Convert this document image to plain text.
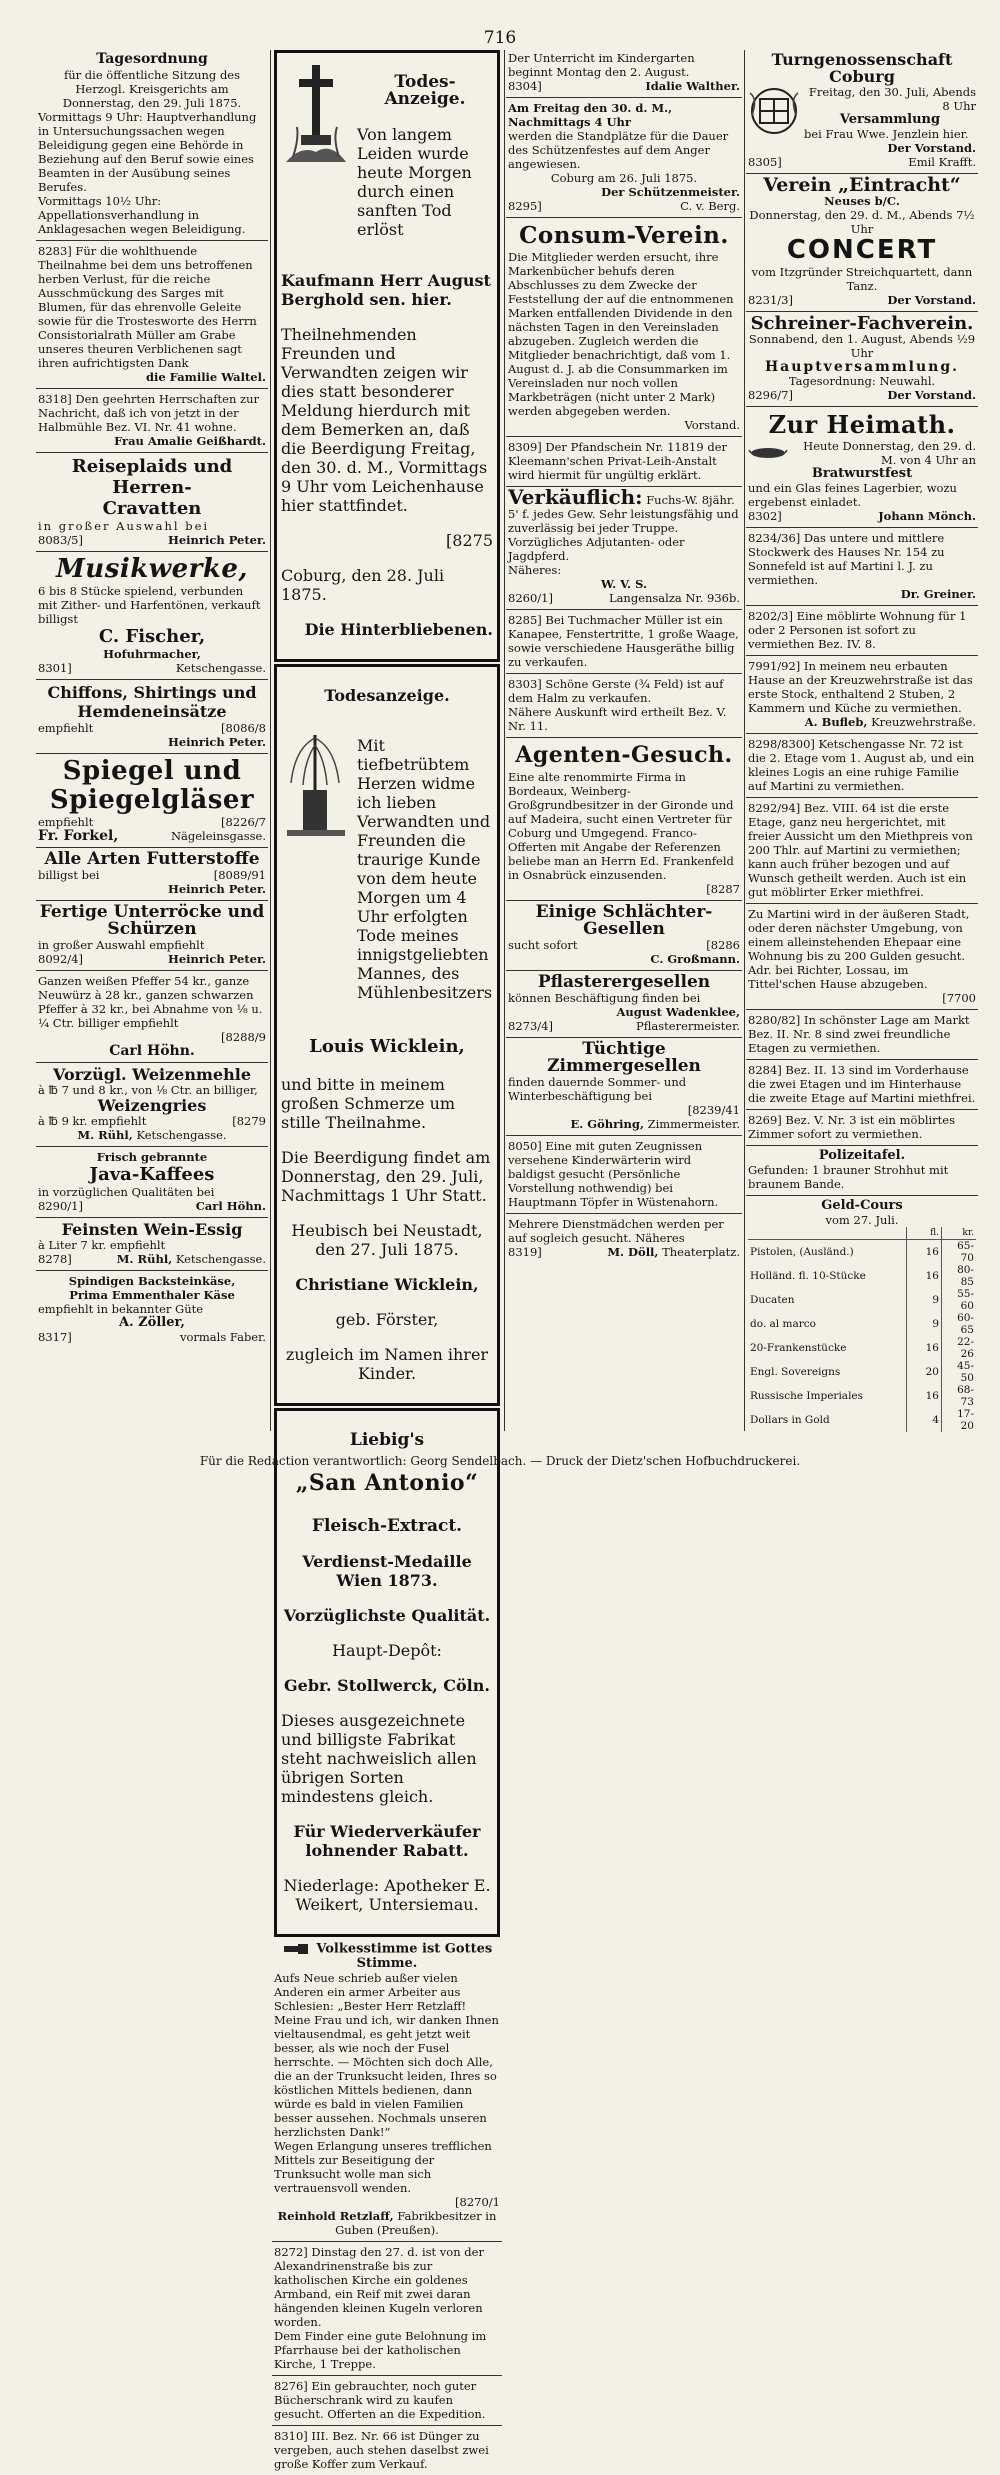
716

Tagesordnung

für die öffentliche Sitzung des Herzogl. Kreisgerichts am Donnerstag, den 29. Juli 1875.

Vormittags 9 Uhr: Hauptverhandlung in Untersuchungssachen wegen Beleidigung gegen eine Behörde in Beziehung auf den Beruf sowie eines Beamten in der Ausübung seines Berufes.

Vormittags 10½ Uhr: Appellationsverhandlung in Anklagesachen wegen Beleidigung.

8283] Für die wohlthuende Theilnahme bei dem uns betroffenen herben Verlust, für die reiche Ausschmückung des Sarges mit Blumen, für das ehrenvolle Geleite sowie für die Trostesworte des Herrn Consistorialrath Müller am Grabe unseres theuren Verblichenen sagt ihren aufrichtigsten Dank

die Familie Waltel.

8318] Den geehrten Herrschaften zur Nachricht, daß ich von jetzt in der Halbmühle Bez. VI. Nr. 41 wohne.

Frau Amalie Geißhardt.

Reiseplaids und Herren-

Cravatten

in großer Auswahl bei

8083/5]	Heinrich Peter.

Musikwerke,

6 bis 8 Stücke spielend, verbunden mit Zither- und Harfentönen, verkauft billigst

C. Fischer,

Hofuhrmacher,

8301]	Ketschengasse.

Chiffons, Shirtings und

Hemdeneinsätze

empfiehlt	[8086/8

Heinrich Peter.

Spiegel und

Spiegelgläser

empfiehlt	[8226/7

Fr. Forkel,	Nägeleinsgasse.

Alle Arten Futterstoffe

billigst bei	[8089/91

Heinrich Peter.

Fertige Unterröcke und

Schürzen

in großer Auswahl empfiehlt

8092/4]	Heinrich Peter.

Ganzen weißen Pfeffer 54 kr., ganze Neuwürz à 28 kr., ganzen schwarzen Pfeffer à 32 kr., bei Abnahme von ⅛ u. ¼ Ctr. billiger empfiehlt

[8288/9

Carl Höhn.

Vorzügl. Weizenmehle

à ℔ 7 und 8 kr., von ⅛ Ctr. an billiger,

Weizengries

à ℔ 9 kr. empfiehlt	[8279

M. Rühl, Ketschengasse.

Frisch gebrannte

Java-Kaffees

in vorzüglichen Qualitäten bei

8290/1]	Carl Höhn.

Feinsten Wein-Essig

à Liter 7 kr. empfiehlt

8278]	M. Rühl, Ketschengasse.

Spindigen Backsteinkäse,

Prima Emmenthaler Käse

empfiehlt in bekannter Güte

A. Zöller,

8317]	vormals Faber.

Todes-Anzeige.

Von langem Leiden wurde heute Morgen durch einen sanften Tod erlöst

Kaufmann Herr August Berghold sen. hier.

Theilnehmenden Freunden und Verwandten zeigen wir dies statt besonderer Meldung hierdurch mit dem Bemerken an, daß die Beerdigung Freitag, den 30. d. M., Vormittags 9 Uhr vom Leichenhause hier stattfindet.

[8275

Coburg, den 28. Juli 1875.

Die Hinterbliebenen.

Todesanzeige.

Mit tiefbetrübtem Herzen widme ich lieben Verwandten und Freunden die traurige Kunde von dem heute Morgen um 4 Uhr erfolgten Tode meines innigstgeliebten Mannes, des Mühlenbesitzers

Louis Wicklein,

und bitte in meinem großen Schmerze um stille Theilnahme.

Die Beerdigung findet am Donnerstag, den 29. Juli, Nachmittags 1 Uhr Statt.

Heubisch bei Neustadt, den 27. Juli 1875.

Christiane Wicklein,

geb. Förster,

zugleich im Namen ihrer Kinder.

Liebig's

„San Antonio“

Fleisch-Extract.

Verdienst-Medaille Wien 1873.

Vorzüglichste Qualität.

Haupt-Depôt:

Gebr. Stollwerck, Cöln.

Dieses ausgezeichnete und billigste Fabrikat steht nachweislich allen übrigen Sorten mindestens gleich.

Für Wiederverkäufer lohnender Rabatt.

Niederlage: Apotheker E. Weikert, Untersiemau.

Volkesstimme ist Gottes Stimme.

Aufs Neue schrieb außer vielen Anderen ein armer Arbeiter aus Schlesien: „Bester Herr Retzlaff! Meine Frau und ich, wir danken Ihnen vieltausendmal, es geht jetzt weit besser, als wie noch der Fusel herrschte. — Möchten sich doch Alle, die an der Trunksucht leiden, Ihres so köstlichen Mittels bedienen, dann würde es bald in vielen Familien besser aussehen. Nochmals unseren herzlichsten Dank!“

Wegen Erlangung unseres trefflichen Mittels zur Beseitigung der Trunksucht wolle man sich vertrauensvoll wenden.

[8270/1

Reinhold Retzlaff, Fabrikbesitzer in Guben (Preußen).

8272] Dinstag den 27. d. ist von der Alexandrinenstraße bis zur katholischen Kirche ein goldenes Armband, ein Reif mit zwei daran hängenden kleinen Kugeln verloren worden.

Dem Finder eine gute Belohnung im Pfarrhause bei der katholischen Kirche, 1 Treppe.

8276] Ein gebrauchter, noch guter Bücherschrank wird zu kaufen gesucht. Offerten an die Expedition.

8310] III. Bez. Nr. 66 ist Dünger zu vergeben, auch stehen daselbst zwei große Koffer zum Verkauf.

Der Unterricht im Kindergarten beginnt Montag den 2. August.

8304]	Idalie Walther.

Am Freitag den 30. d. M., Nachmittags 4 Uhr

werden die Standplätze für die Dauer des Schützenfestes auf dem Anger angewiesen.

Coburg am 26. Juli 1875.

Der Schützenmeister.

8295]	C. v. Berg.

Consum-Verein.

Die Mitglieder werden ersucht, ihre Markenbücher behufs deren Abschlusses zu dem Zwecke der Feststellung der auf die entnommenen Marken entfallenden Dividende in den nächsten Tagen in den Vereinsladen abzugeben. Zugleich werden die Mitglieder benachrichtigt, daß vom 1. August d. J. ab die Consummarken im Vereinsladen nur noch vollen Markbeträgen (nicht unter 2 Mark) werden abgegeben werden.

Vorstand.

8309] Der Pfandschein Nr. 11819 der Kleemann'schen Privat-Leih-Anstalt wird hiermit für ungültig erklärt.

Verkäuflich: Fuchs-W. 8jähr. 5' f. jedes Gew. Sehr leistungsfähig und zuverlässig bei jeder Truppe. Vorzügliches Adjutanten- oder Jagdpferd.

Näheres:

W. V. S.

8260/1]	Langensalza Nr. 936b.

8285] Bei Tuchmacher Müller ist ein Kanapee, Fenstertritte, 1 große Waage, sowie verschiedene Hausgeräthe billig zu verkaufen.

8303] Schöne Gerste (¾ Feld) ist auf dem Halm zu verkaufen.

Nähere Auskunft wird ertheilt Bez. V. Nr. 11.

Agenten-Gesuch.

Eine alte renommirte Firma in Bordeaux, Weinberg-Großgrundbesitzer in der Gironde und auf Madeira, sucht einen Vertreter für Coburg und Umgegend. Franco-Offerten mit Angabe der Referenzen beliebe man an Herrn Ed. Frankenfeld in Osnabrück einzusenden.

[8287

Einige Schlächter-Gesellen

sucht sofort	[8286

C. Großmann.

Pflasterergesellen

können Beschäftigung finden bei

August Wadenklee,

8273/4]	Pflasterermeister.

Tüchtige Zimmergesellen

finden dauernde Sommer- und Winterbeschäftigung bei

[8239/41

E. Göhring, Zimmermeister.

8050] Eine mit guten Zeugnissen versehene Kinderwärterin wird baldigst gesucht (Persönliche Vorstellung nothwendig) bei Hauptmann Töpfer in Wüstenahorn.

Mehrere Dienstmädchen werden per auf sogleich gesucht. Näheres

8319]	M. Döll, Theaterplatz.

Turngenossenschaft Coburg

Freitag, den 30. Juli, Abends 8 Uhr

Versammlung

bei Frau Wwe. Jenzlein hier.

Der Vorstand.

8305]	Emil Krafft.

Verein „Eintracht“

Neuses b/C.

Donnerstag, den 29. d. M., Abends 7½ Uhr

CONCERT

vom Itzgründer Streichquartett, dann Tanz.

8231/3]	Der Vorstand.

Schreiner-Fachverein.

Sonnabend, den 1. August, Abends ½9 Uhr

Hauptversammlung.

Tagesordnung: Neuwahl.

8296/7]	Der Vorstand.

Zur Heimath.

Heute Donnerstag, den 29. d. M. von 4 Uhr an

Bratwurstfest

und ein Glas feines Lagerbier, wozu ergebenst einladet.

8302]	Johann Mönch.

8234/36] Das untere und mittlere Stockwerk des Hauses Nr. 154 zu Sonnefeld ist auf Martini l. J. zu vermiethen.

Dr. Greiner.

8202/3] Eine möblirte Wohnung für 1 oder 2 Personen ist sofort zu vermiethen Bez. IV. 8.

7991/92] In meinem neu erbauten Hause an der Kreuzwehrstraße ist das erste Stock, enthaltend 2 Stuben, 2 Kammern und Küche zu vermiethen.

A. Bufleb, Kreuzwehrstraße.

8298/8300] Ketschengasse Nr. 72 ist die 2. Etage vom 1. August ab, und ein kleines Logis an eine ruhige Familie auf Martini zu vermiethen.

8292/94] Bez. VIII. 64 ist die erste Etage, ganz neu hergerichtet, mit freier Aussicht um den Miethpreis von 200 Thlr. auf Martini zu vermiethen; kann auch früher bezogen und auf Wunsch getheilt werden. Auch ist ein gut möblirter Erker miethfrei.

Zu Martini wird in der äußeren Stadt, oder deren nächster Umgebung, von einem alleinstehenden Ehepaar eine Wohnung bis zu 200 Gulden gesucht. Adr. bei Richter, Lossau, im Tittel'schen Hause abzugeben.

[7700

8280/82] In schönster Lage am Markt Bez. II. Nr. 8 sind zwei freundliche Etagen zu vermiethen.

8284] Bez. II. 13 sind im Vorderhause die zwei Etagen und im Hinterhause die zweite Etage auf Martini miethfrei.

8269] Bez. V. Nr. 3 ist ein möblirtes Zimmer sofort zu vermiethen.

Polizeitafel.

Gefunden: 1 brauner Strohhut mit braunem Bande.

Geld-Cours

vom 27. Juli.

	fl.	kr.
Pistolen, (Ausländ.)	16	65-70
Holländ. fl. 10-Stücke	16	80-85
Ducaten	9	55-60
do. al marco	9	60-65
20-Frankenstücke	16	22-26
Engl. Sovereigns	20	45-50
Russische Imperiales	16	68-73
Dollars in Gold	4	17-20
Für die Redaction verantwortlich: Georg Sendelbach. — Druck der Dietz'schen Hofbuchdruckerei.
